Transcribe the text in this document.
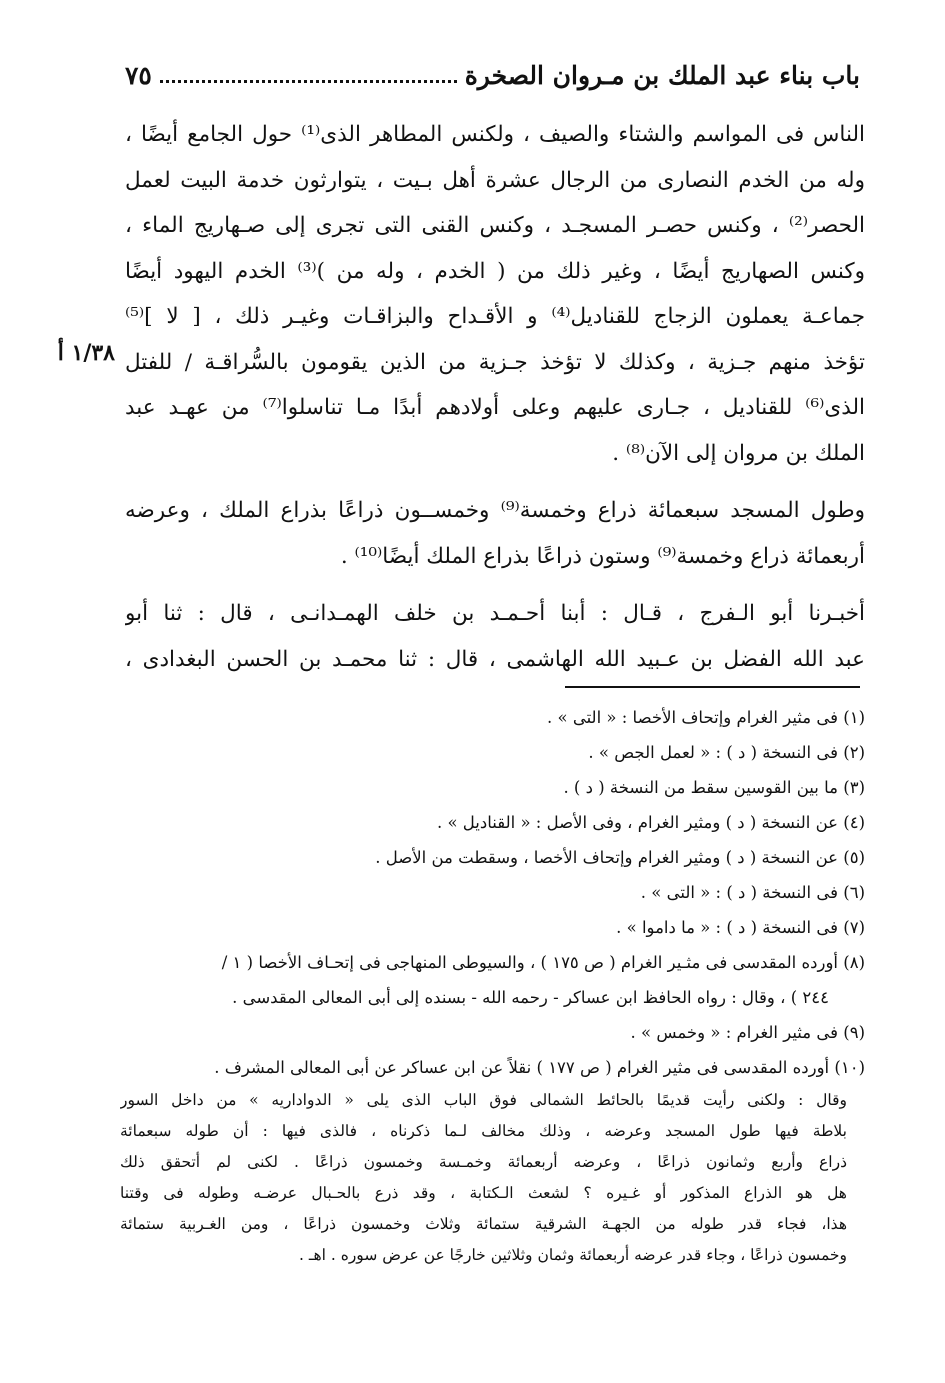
باب بناء عبد الملك بن مـروان الصخرة
٧٥
١/٣٨ أ
الناس فى المواسم والشتاء والصيف ، ولكنس المطاهر الذى⁽¹⁾ حول الجامع أيضًا ،
وله من الخدم النصارى من الرجال عشرة أهل بـيت ، يتوارثون خدمة البيت لعمل
الحصر⁽²⁾ ، وكنس حصـر المسجـد ، وكنس القنى التى تجرى إلى صـهاريج الماء ،
وكنس الصهاريج أيضًا ، وغير ذلك من ( الخدم ، وله من )⁽³⁾ الخدم اليهود أيضًا
جماعـة يعملون الزجاج للقناديل⁽⁴⁾ و الأقـداح والبزاقـات وغيـر ذلك ، [ لا ]⁽⁵⁾
تؤخذ منهم جـزية ، وكذلك لا تؤخذ جـزية من الذين يقومون بالسُّراقـة / للفتل
الذى⁽⁶⁾ للقناديل ، جـارى عليهم وعلى أولادهم أبدًا مـا تناسلوا⁽⁷⁾ من عهـد عبد
الملك بن مروان إلى الآن⁽⁸⁾ .
وطول المسجد سبعمائة ذراع وخمسة⁽⁹⁾ وخمســون ذراعًا بذراع الملك ، وعرضه
أربعمائة ذراع وخمسة⁽⁹⁾ وستون ذراعًا بذراع الملك أيضًا⁽¹⁰⁾ .
أخبـرنا أبو الـفرج ، قـال : أبنا أحـمـد بن خلف الهمـدانـى ، قال : ثنا أبو
عبد الله الفضل بن عـبيد الله الهاشمى ، قال : ثنا محمـد بن الحسن البغدادى ،
(١) فى مثير الغرام وإتحاف الأخصا : « التى » .
(٢) فى النسخة ( د ) : « لعمل الجص » .
(٣) ما بين القوسين سقط من النسخة ( د ) .
(٤) عن النسخة ( د ) ومثير الغرام ، وفى الأصل : « القناديل » .
(٥) عن النسخة ( د ) ومثير الغرام وإتحاف الأخصا ، وسقطت من الأصل .
(٦) فى النسخة ( د ) : « التى » .
(٧) فى النسخة ( د ) : « ما داموا » .
(٨) أورده المقدسى فى مثـير الغرام ( ص ١٧٥ ) ، والسيوطى المنهاجى فى إتحـاف الأخصا ( ١ /
٢٤٤ ) ، وقال : رواه الحافظ ابن عساكر - رحمه الله - بسنده إلى أبى المعالى المقدسى .
(٩) فى مثير الغرام : « وخمس » .
(١٠) أورده المقدسى فى مثير الغرام ( ص ١٧٧ ) نقلاً عن ابن عساكر عن أبى المعالى المشرف .
وقال : ولكنى رأيت قديمًا بالحائط الشمالى فوق الباب الذى يلى « الدواداريه » من داخل السور
بلاطة فيها طول المسجد وعرضه ، وذلك مخالف لـما ذكرناه ، فالذى فيها : أن طوله سبعمائة
ذراع وأربع وثمانون ذراعًا ، وعرضه أربعمائة وخمـسة وخمسون ذراعًا . لكنى لم أتحقق ذلك
هل هو الذراع المذكور أو غـيره ؟ لشعث الـكتابة ، وقد ذرع بالحـبال عرضـه وطوله فى وقتنا
هذا، فجاء قدر طوله من الجهـة الشرقية ستمائة وثلاث وخمسون ذراعًا ، ومن الغـربية ستمائة
وخمسون ذراعًا ، وجاء قدر عرضه أربعمائة وثمان وثلاثين خارجًا عن عرض سوره . اهـ .
